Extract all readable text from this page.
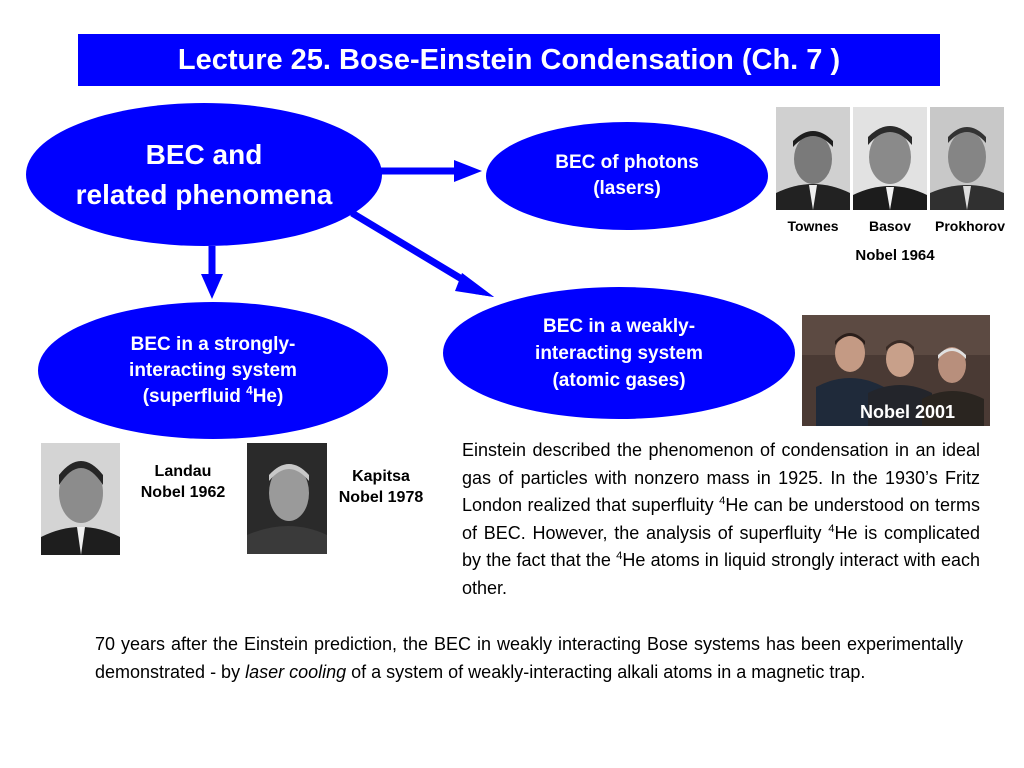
Lecture 25. Bose-Einstein Condensation (Ch. 7 )
BEC and
related phenomena
BEC of photons
(lasers)
BEC in a weakly-
interacting system
(atomic gases)
BEC in a strongly-
interacting system
(superfluid $^4$He)
Townes	Basov	Prokhorov
Nobel 1964
Nobel 2001
Landau
Nobel 1962
Kapitsa
Nobel 1978
Einstein described the phenomenon of condensation in an ideal gas of particles with nonzero mass in 1925. In the 1930’s Fritz London realized that superfluity $^4$He can be understood on terms of BEC. However, the analysis of superfluity $^4$He is complicated by the fact that the $^4$He atoms in liquid strongly interact with each other.
70 years after the Einstein prediction, the BEC in weakly interacting Bose systems has been experimentally demonstrated - by laser cooling of a system of weakly-interacting alkali atoms in a magnetic trap.
